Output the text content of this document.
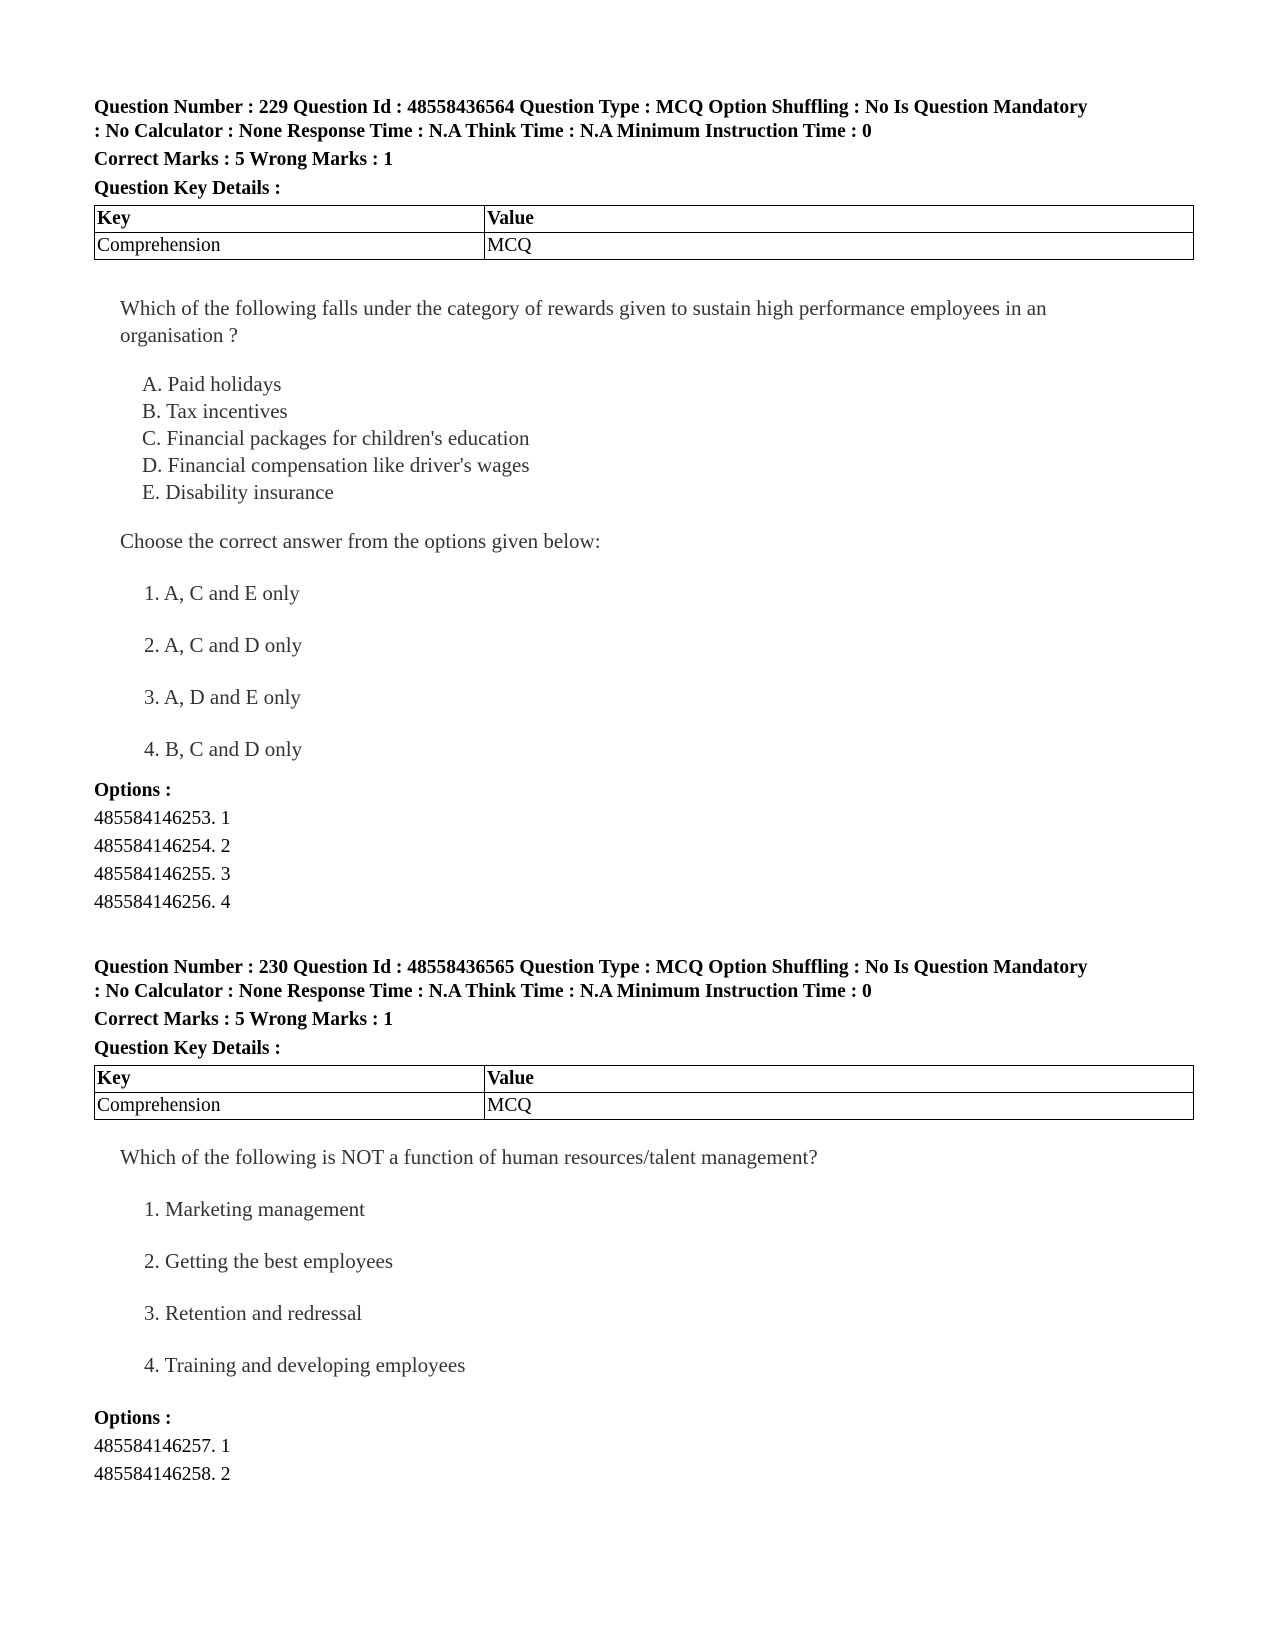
Question Number : 229 Question Id : 48558436564 Question Type : MCQ Option Shuffling : No Is Question Mandatory

: No Calculator : None Response Time : N.A Think Time : N.A Minimum Instruction Time : 0

Correct Marks : 5 Wrong Marks : 1

Question Key Details :

Key	Value
Comprehension	MCQ
Which of the following falls under the category of rewards given to sustain high performance employees in an
organisation ?
A. Paid holidays
B. Tax incentives
C. Financial packages for children's education
D. Financial compensation like driver's wages
E. Disability insurance
Choose the correct answer from the options given below:
1. A, C and E only
2. A, C and D only
3. A, D and E only
4. B, C and D only
Options :
485584146253. 1
485584146254. 2
485584146255. 3
485584146256. 4

Question Number : 230 Question Id : 48558436565 Question Type : MCQ Option Shuffling : No Is Question Mandatory

: No Calculator : None Response Time : N.A Think Time : N.A Minimum Instruction Time : 0

Correct Marks : 5 Wrong Marks : 1

Question Key Details :

Key	Value
Comprehension	MCQ
Which of the following is NOT a function of human resources/talent management?
1. Marketing management
2. Getting the best employees
3. Retention and redressal
4. Training and developing employees
Options :
485584146257. 1
485584146258. 2
